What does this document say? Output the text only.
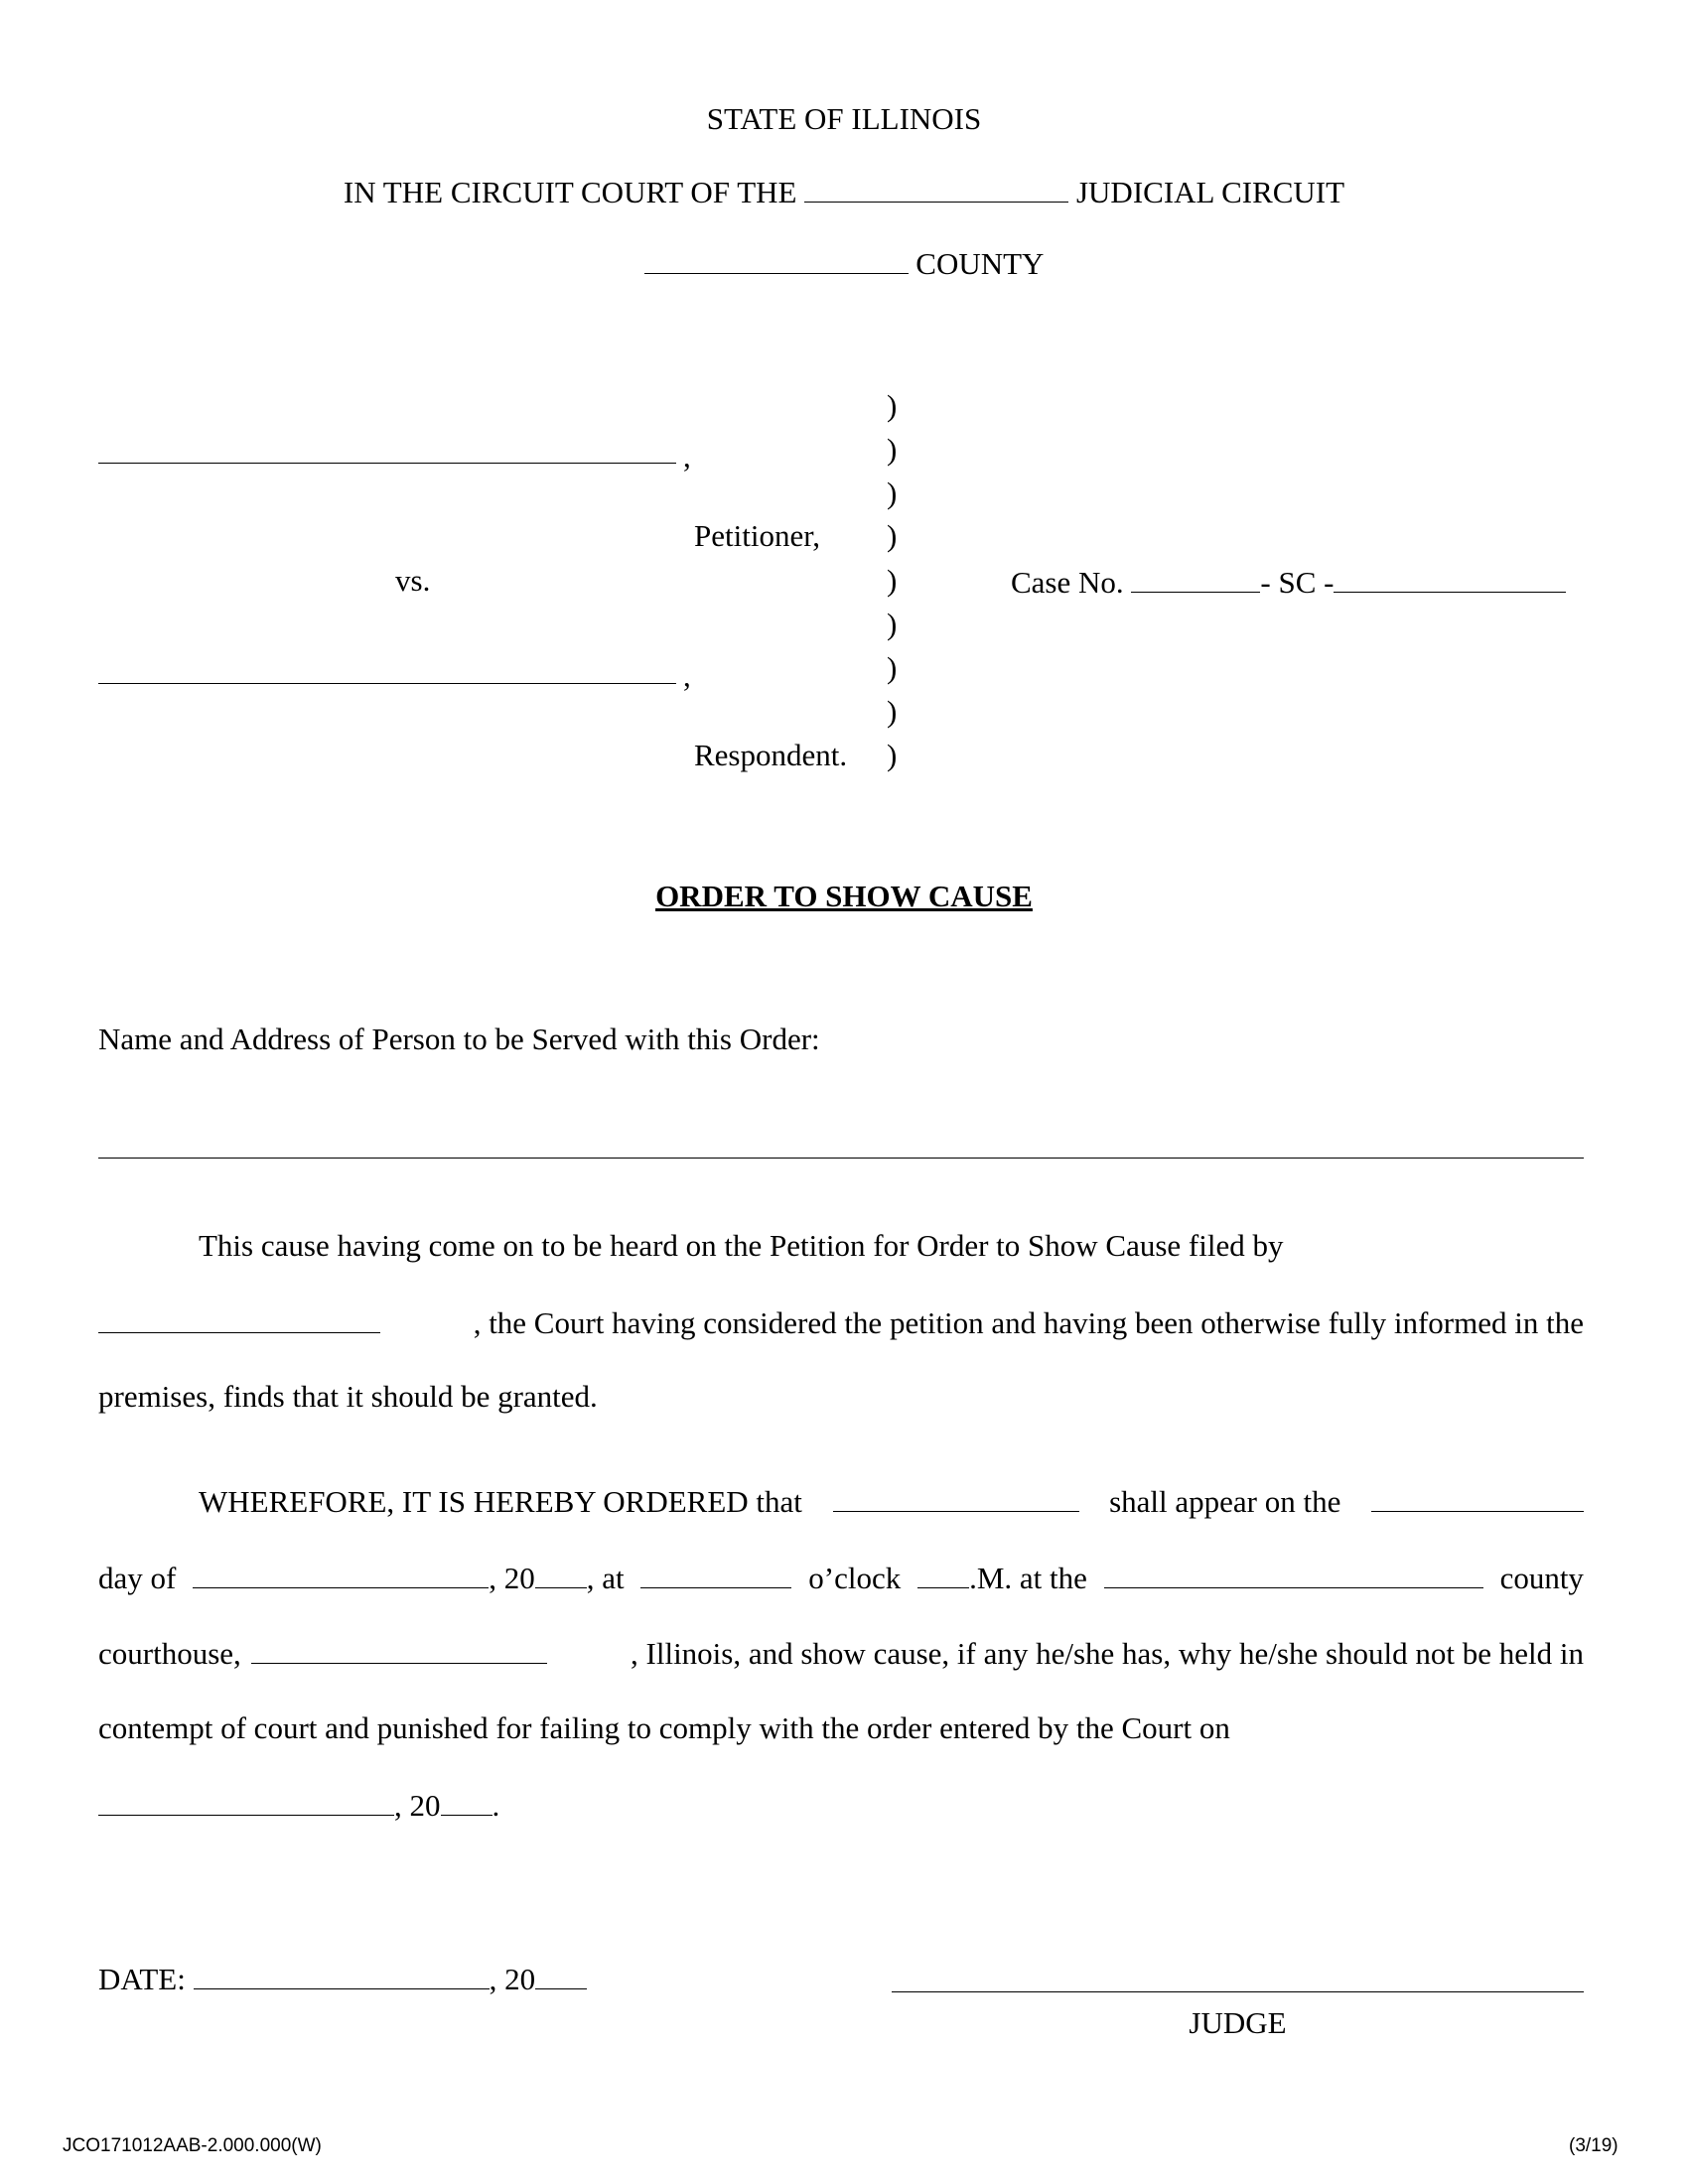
STATE OF ILLINOIS
IN THE CIRCUIT COURT OF THE	JUDICIAL CIRCUIT
COUNTY
,
Petitioner,
vs.
,
Respondent.
)
)
)
)
)
)
)
)
)
Case No.	- SC -
ORDER TO SHOW CAUSE
Name and Address of Person to be Served with this Order:
This cause having come on to be heard on the Petition for Order to Show Cause filed by
, the Court having considered the petition and having been otherwise fully informed in the
premises, finds that it should be granted.
WHEREFORE, IT IS HEREBY ORDERED that	shall appear on the
day of	, 20 , at	o’clock	.M. at the	county
courthouse,	, Illinois, and show cause, if any he/she has, why he/she should not be held in
contempt of court and punished for failing to comply with the order entered by the Court on
, 20 .
DATE:	, 20
JUDGE
JCO171012AAB-2.000.000(W)	(3/19)
